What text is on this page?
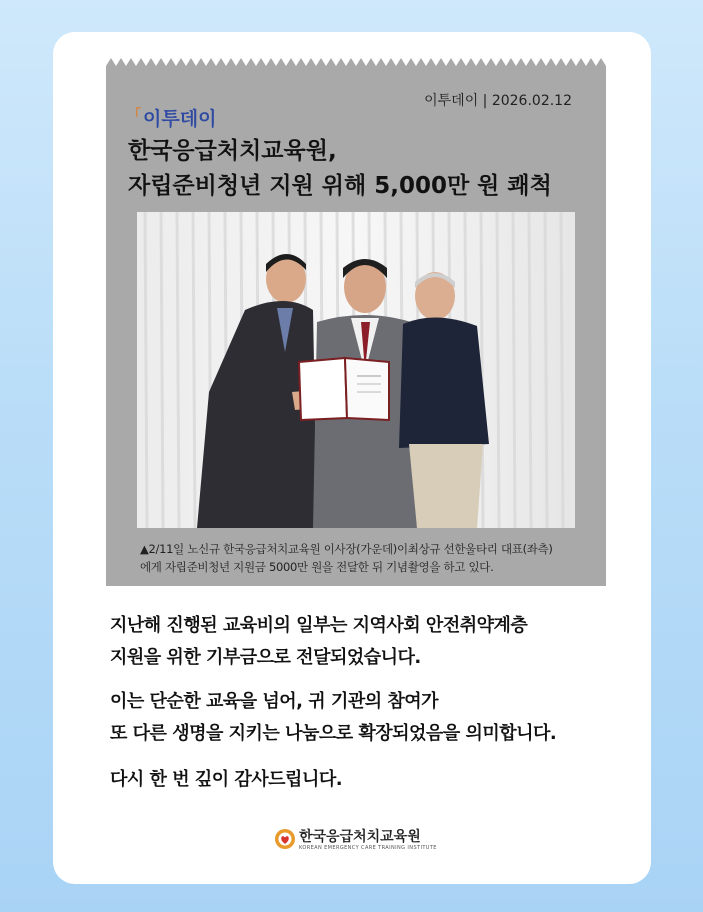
이투데이 | 2026.02.12
「 이투데이
한국응급처치교육원,
자립준비청년 지원 위해 5,000만 원 쾌척
▲2/11일 노신규 한국응급처치교육원 이사장(가운데)이최상규 선한울타리 대표(좌측)
에게 자립준비청년 지원금 5000만 원을 전달한 뒤 기념촬영을 하고 있다.
지난해 진행된 교육비의 일부는 지역사회 안전취약계층
지원을 위한 기부금으로 전달되었습니다.
이는 단순한 교육을 넘어, 귀 기관의 참여가
또 다른 생명을 지키는 나눔으로 확장되었음을 의미합니다.
다시 한 번 깊이 감사드립니다.
한국응급처치교육원
KOREAN EMERGENCY CARE TRAINING INSTITUTE
